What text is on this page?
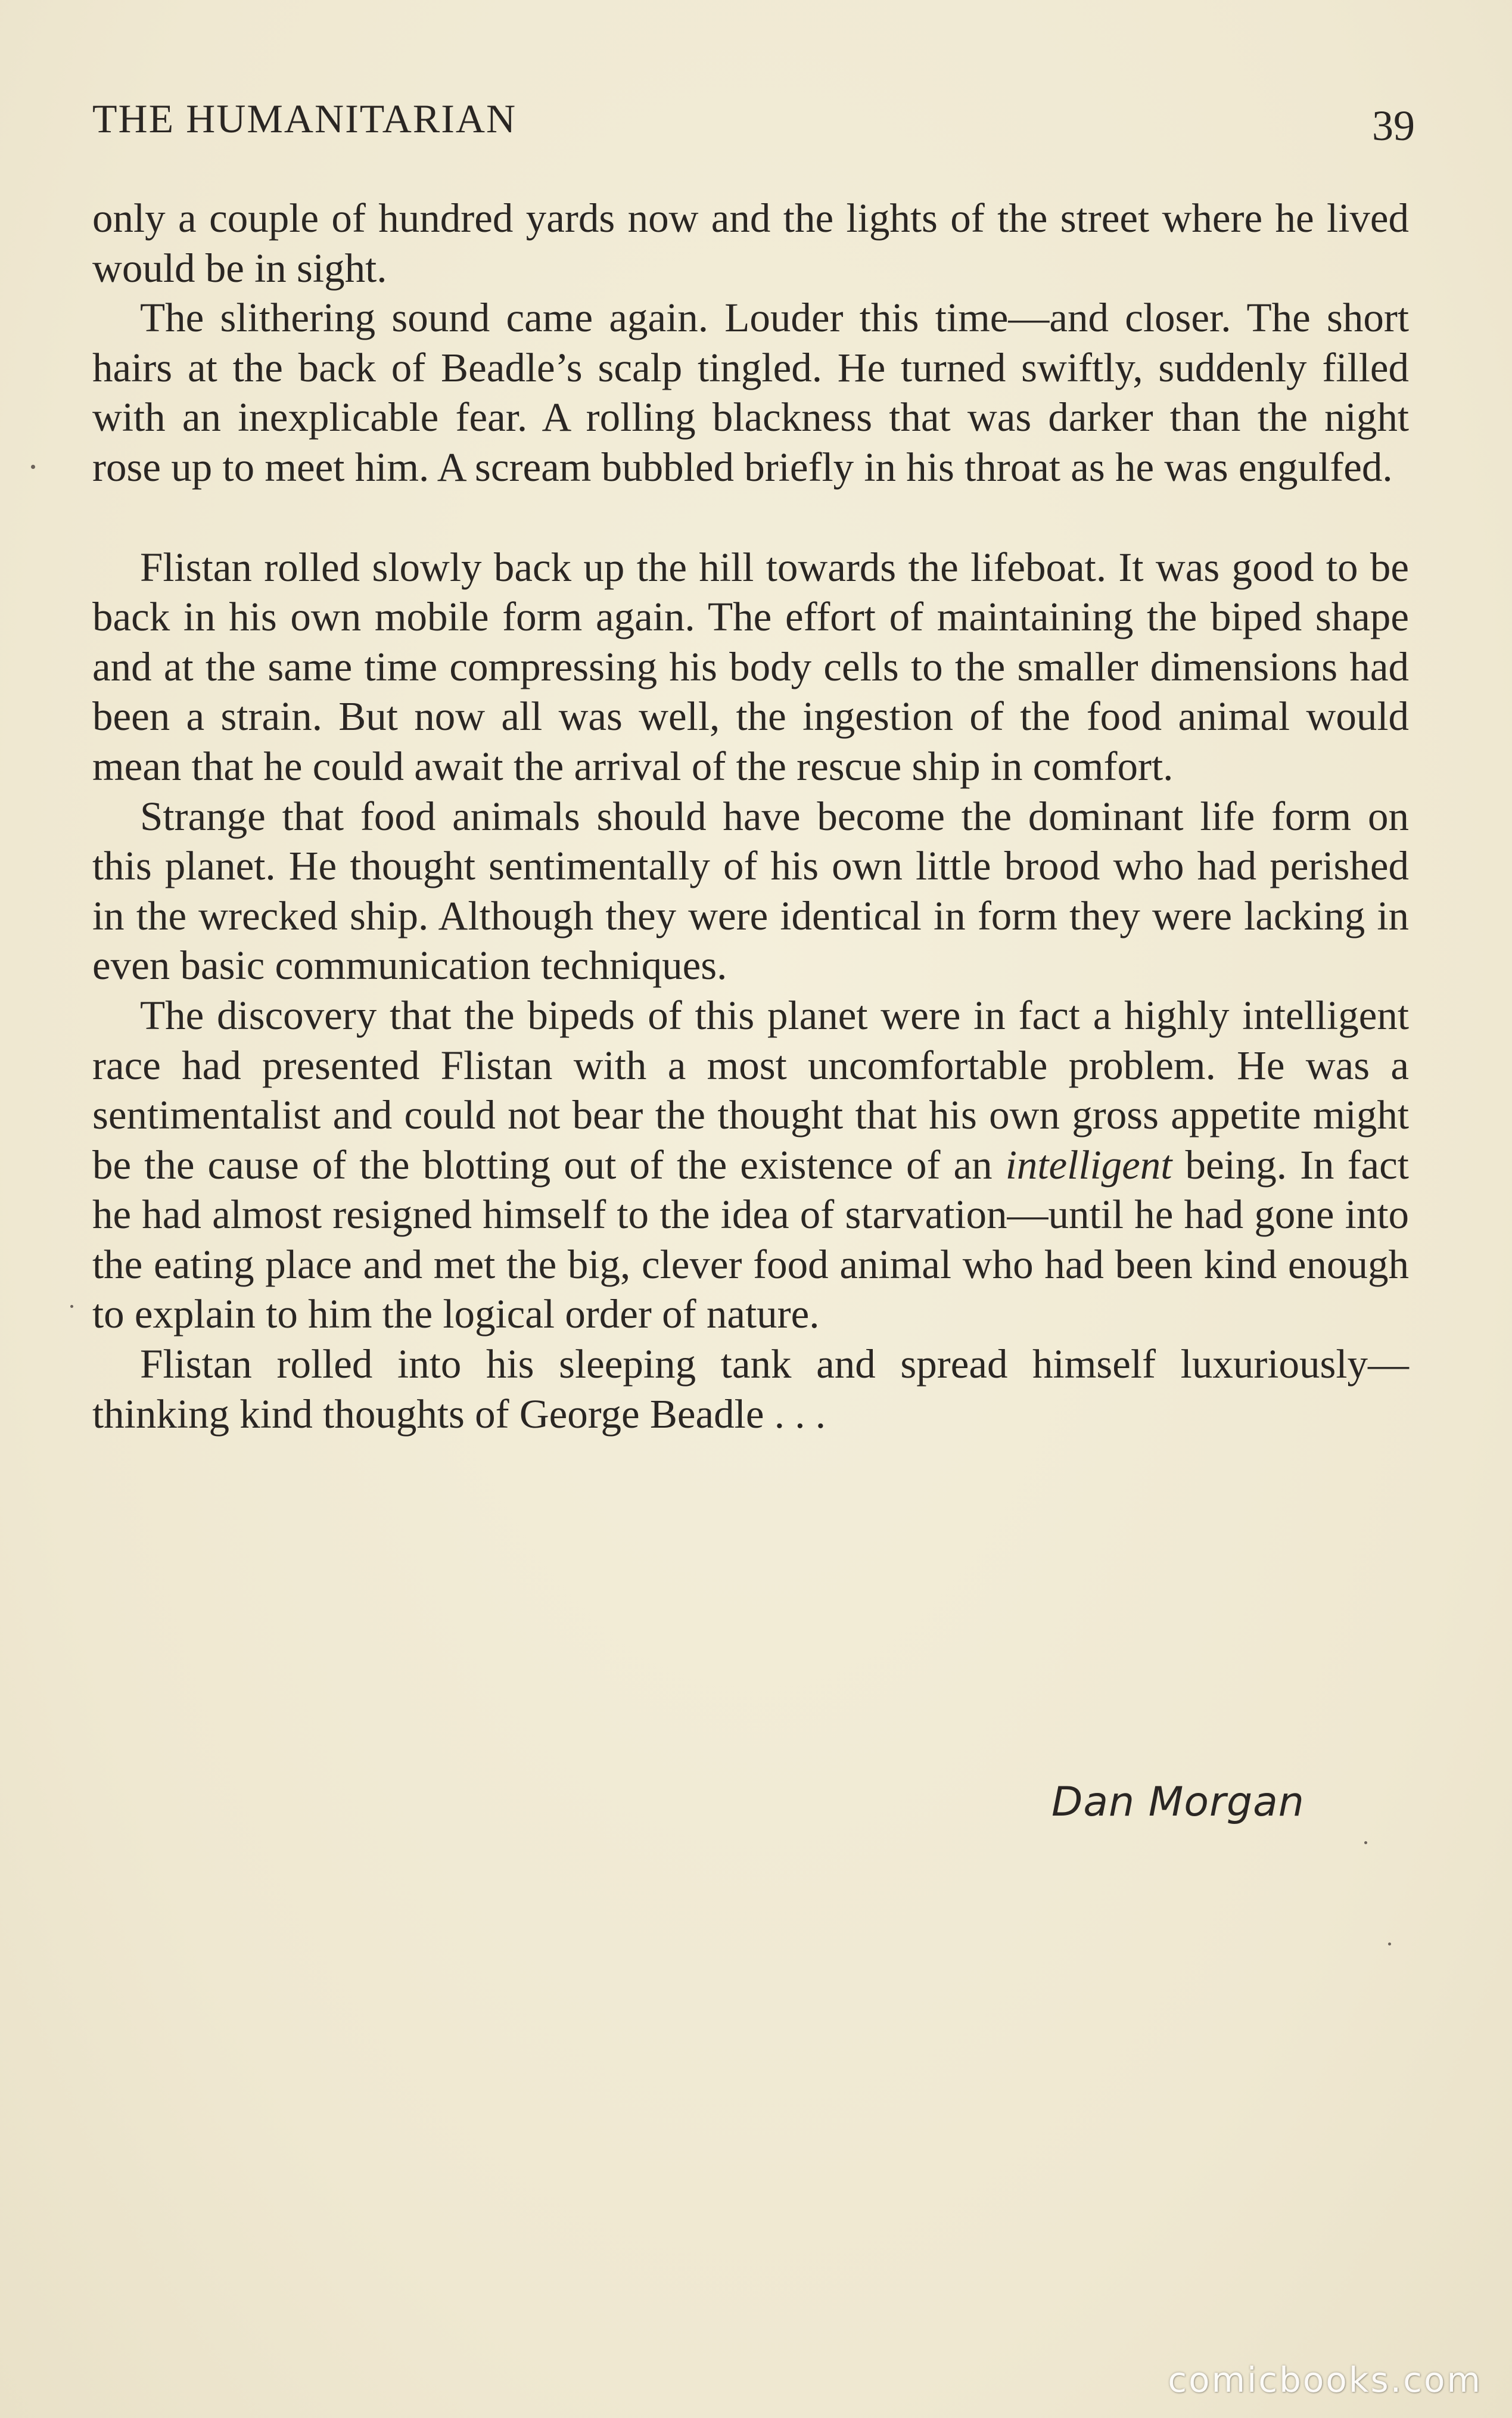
THE HUMANITARIAN	39

only a couple of hundred yards now and the lights of the street where he lived would be in sight.

The slithering sound came again. Louder this time—and closer. The short hairs at the back of Beadle’s scalp tingled. He turned swiftly, suddenly filled with an inexplicable fear. A rolling blackness that was darker than the night rose up to meet him. A scream bubbled briefly in his throat as he was engulfed.

Flistan rolled slowly back up the hill towards the lifeboat. It was good to be back in his own mobile form again. The effort of maintaining the biped shape and at the same time compressing his body cells to the smaller dimensions had been a strain. But now all was well, the ingestion of the food animal would mean that he could await the arrival of the rescue ship in comfort.

Strange that food animals should have become the dominant life form on this planet. He thought sentimentally of his own little brood who had perished in the wrecked ship. Although they were identical in form they were lacking in even basic communication techniques.

The discovery that the bipeds of this planet were in fact a highly intelligent race had presented Flistan with a most uncomfortable problem. He was a sentimentalist and could not bear the thought that his own gross appetite might be the cause of the blotting out of the existence of an intelligent being. In fact he had almost resigned himself to the idea of starvation—until he had gone into the eating place and met the big, clever food animal who had been kind enough to explain to him the logical order of nature.

Flistan rolled into his sleeping tank and spread himself luxuriously—thinking kind thoughts of George Beadle . . .

Dan Morgan
comicbooks.com
